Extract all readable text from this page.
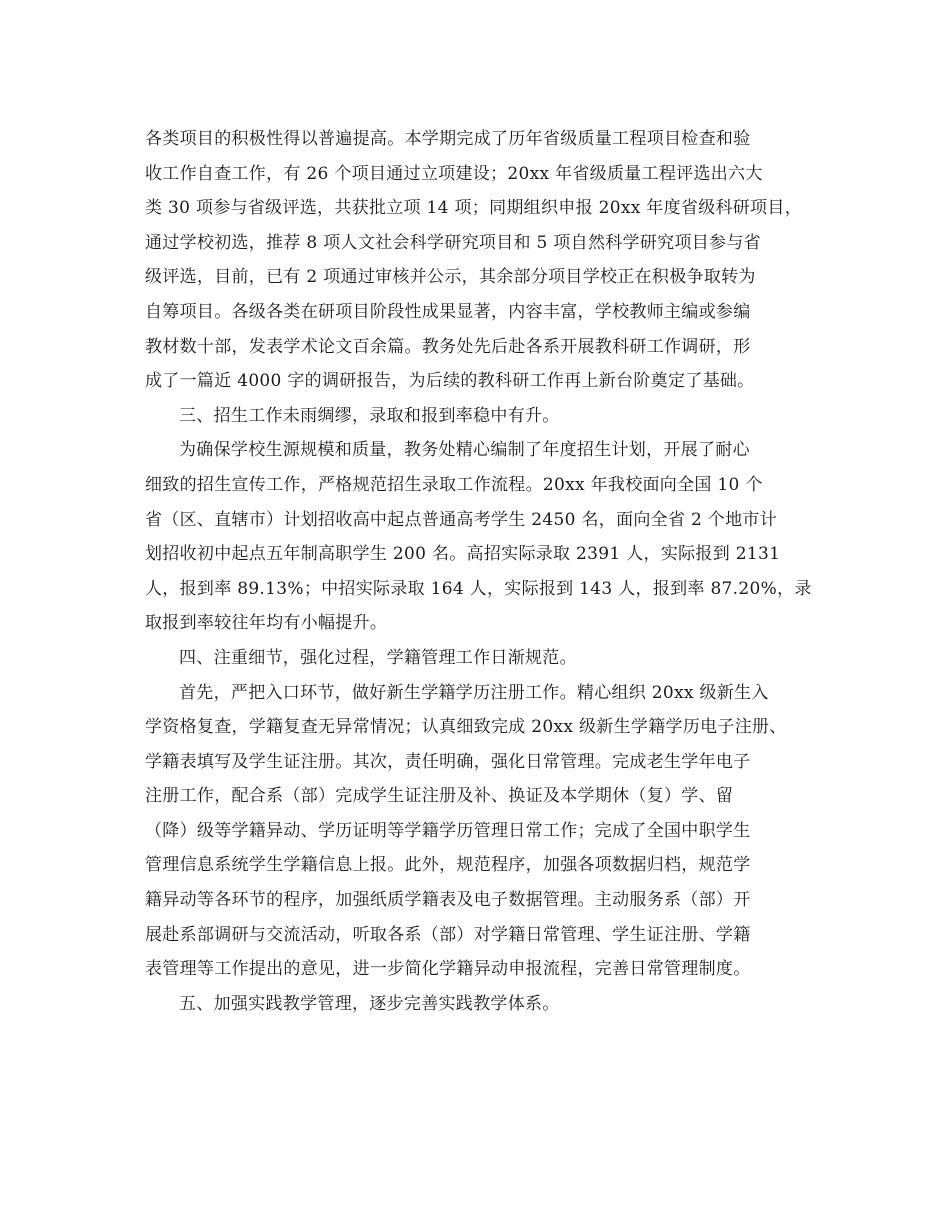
各类项目的积极性得以普遍提高。本学期完成了历年省级质量工程项目检查和验
收工作自查工作，有 26 个项目通过立项建设；20xx 年省级质量工程评选出六大
类 30 项参与省级评选，共获批立项 14 项；同期组织申报 20xx 年度省级科研项目，
通过学校初选，推荐 8 项人文社会科学研究项目和 5 项自然科学研究项目参与省
级评选，目前，已有 2 项通过审核并公示，其余部分项目学校正在积极争取转为
自筹项目。各级各类在研项目阶段性成果显著，内容丰富，学校教师主编或参编
教材数十部，发表学术论文百余篇。教务处先后赴各系开展教科研工作调研，形
成了一篇近 4000 字的调研报告，为后续的教科研工作再上新台阶奠定了基础。
三、招生工作未雨绸缪，录取和报到率稳中有升。
为确保学校生源规模和质量，教务处精心编制了年度招生计划，开展了耐心
细致的招生宣传工作，严格规范招生录取工作流程。20xx 年我校面向全国 10 个
省（区、直辖市）计划招收高中起点普通高考学生 2450 名，面向全省 2 个地市计
划招收初中起点五年制高职学生 200 名。高招实际录取 2391 人，实际报到 2131
人，报到率 89.13%；中招实际录取 164 人，实际报到 143 人，报到率 87.20%，录
取报到率较往年均有小幅提升。
四、注重细节，强化过程，学籍管理工作日渐规范。
首先，严把入口环节，做好新生学籍学历注册工作。精心组织 20xx 级新生入
学资格复查，学籍复查无异常情况；认真细致完成 20xx 级新生学籍学历电子注册、
学籍表填写及学生证注册。其次，责任明确，强化日常管理。完成老生学年电子
注册工作，配合系（部）完成学生证注册及补、换证及本学期休（复）学、留
（降）级等学籍异动、学历证明等学籍学历管理日常工作；完成了全国中职学生
管理信息系统学生学籍信息上报。此外，规范程序，加强各项数据归档，规范学
籍异动等各环节的程序，加强纸质学籍表及电子数据管理。主动服务系（部）开
展赴系部调研与交流活动，听取各系（部）对学籍日常管理、学生证注册、学籍
表管理等工作提出的意见，进一步简化学籍异动申报流程，完善日常管理制度。
五、加强实践教学管理，逐步完善实践教学体系。
